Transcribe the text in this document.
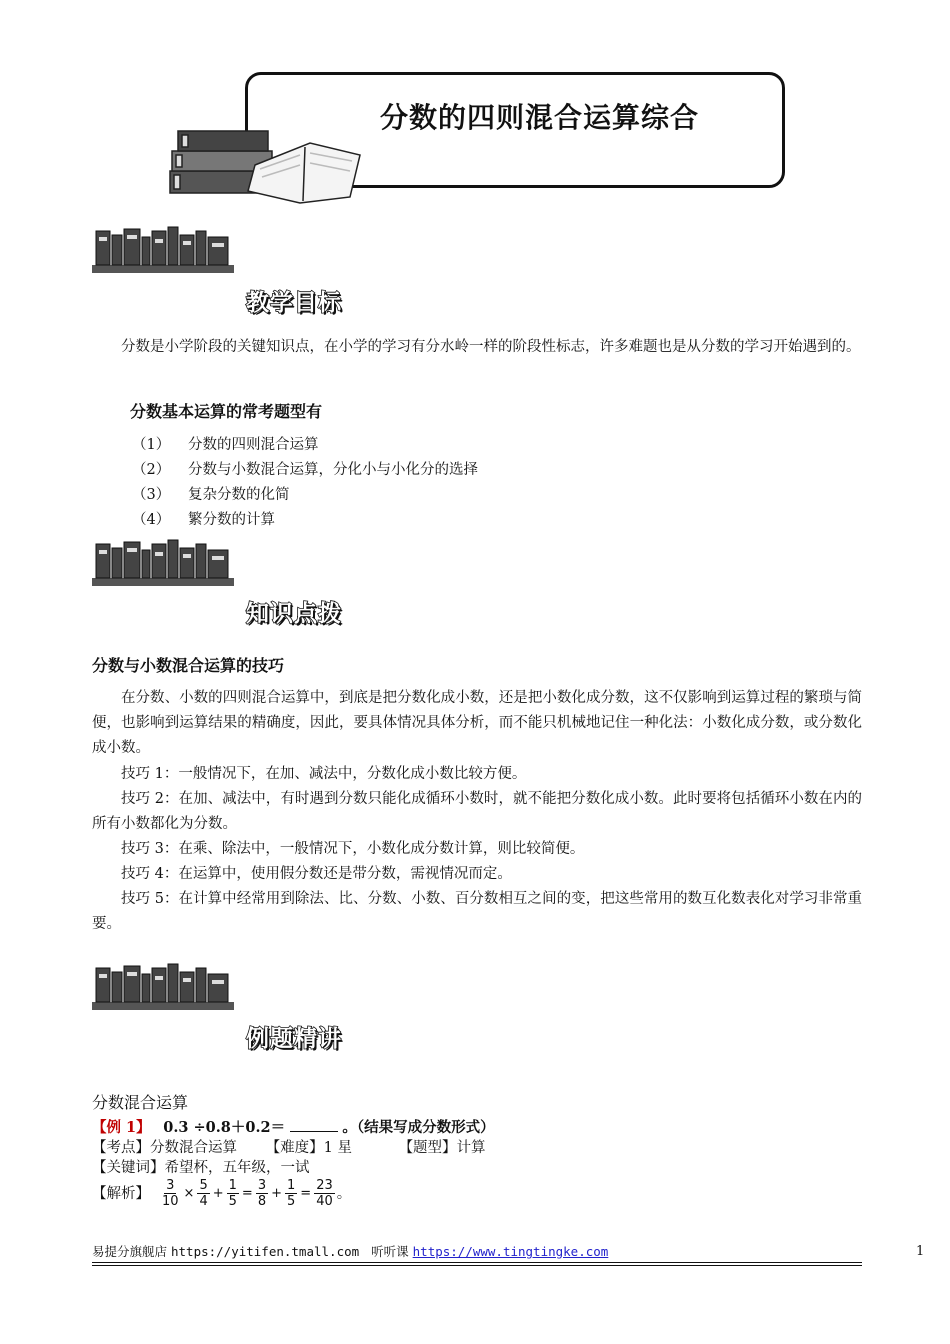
分数的四则混合运算综合
教学目标
分数是小学阶段的关键知识点，在小学的学习有分水岭一样的阶段性标志，许多难题也是从分数的学习开始遇到的。
分数基本运算的常考题型有
（1） 分数的四则混合运算
（2） 分数与小数混合运算，分化小与小化分的选择
（3） 复杂分数的化简
（4） 繁分数的计算
知识点拨
分数与小数混合运算的技巧
在分数、小数的四则混合运算中，到底是把分数化成小数，还是把小数化成分数，这不仅影响到运算过程的繁琐与简便，也影响到运算结果的精确度，因此，要具体情况具体分析，而不能只机械地记住一种化法：小数化成分数，或分数化成小数。
技巧 1：一般情况下，在加、减法中，分数化成小数比较方便。
技巧 2：在加、减法中，有时遇到分数只能化成循环小数时，就不能把分数化成小数。此时要将包括循环小数在内的所有小数都化为分数。
技巧 3：在乘、除法中，一般情况下，小数化成分数计算，则比较简便。
技巧 4：在运算中，使用假分数还是带分数，需视情况而定。
技巧 5：在计算中经常用到除法、比、分数、小数、百分数相互之间的变，把这些常用的数互化数表化对学习非常重要。
例题精讲
分数混合运算
【例 1】 0.3 ÷0.8＋0.2＝	。（结果写成分数形式）
【考点】分数混合运算 【难度】1 星	【题型】计算
【关键词】希望杯，五年级，一试
【解析】 $\frac{3}{10} \times \frac{5}{4} + \frac{1}{5} = \frac{3}{8} + \frac{1}{5} = \frac{23}{40}$ 。
易提分旗舰店 https://yitifen.tmall.com 听听课 https://www.tingtingke.com	1
